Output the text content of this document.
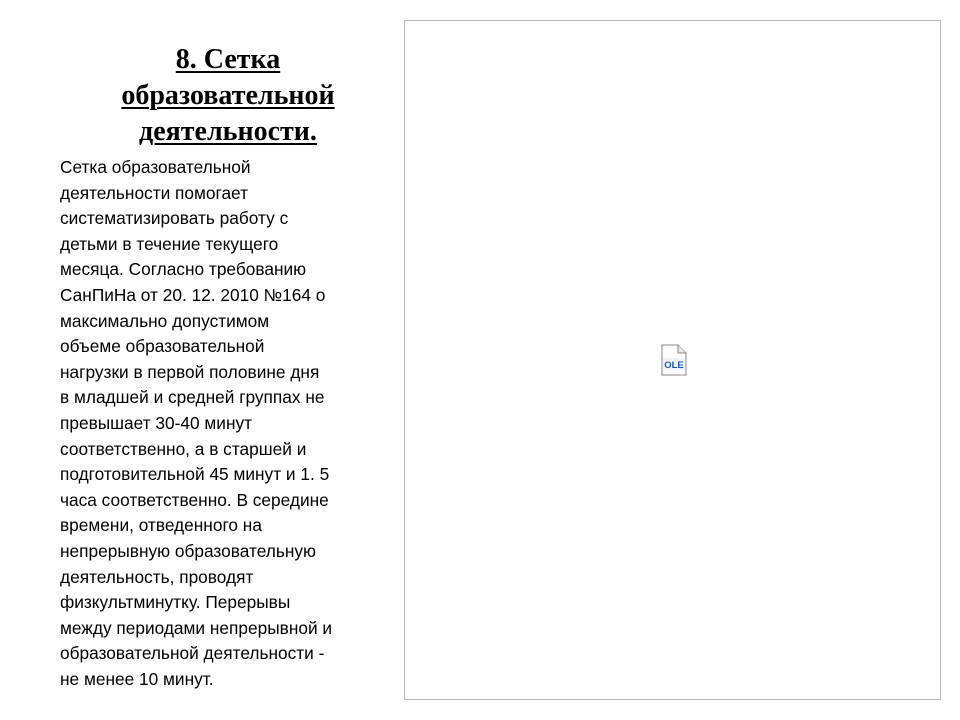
8. Сетка
образовательной
деятельности.
Сетка образовательной
деятельности помогает
систематизировать работу с
детьми в течение текущего
месяца. Согласно требованию
СанПиНа от 20. 12. 2010 №164 о
максимально допустимом
объеме образовательной
нагрузки в первой половине дня
в младшей и средней группах не
превышает 30-40 минут
соответственно, а в старшей и
подготовительной 45 минут и 1. 5
часа соответственно. В середине
времени, отведенного на
непрерывную образовательную
деятельность, проводят
физкультминутку. Перерывы
между периодами непрерывной и
образовательной деятельности -
не менее 10 минут.
OLE
